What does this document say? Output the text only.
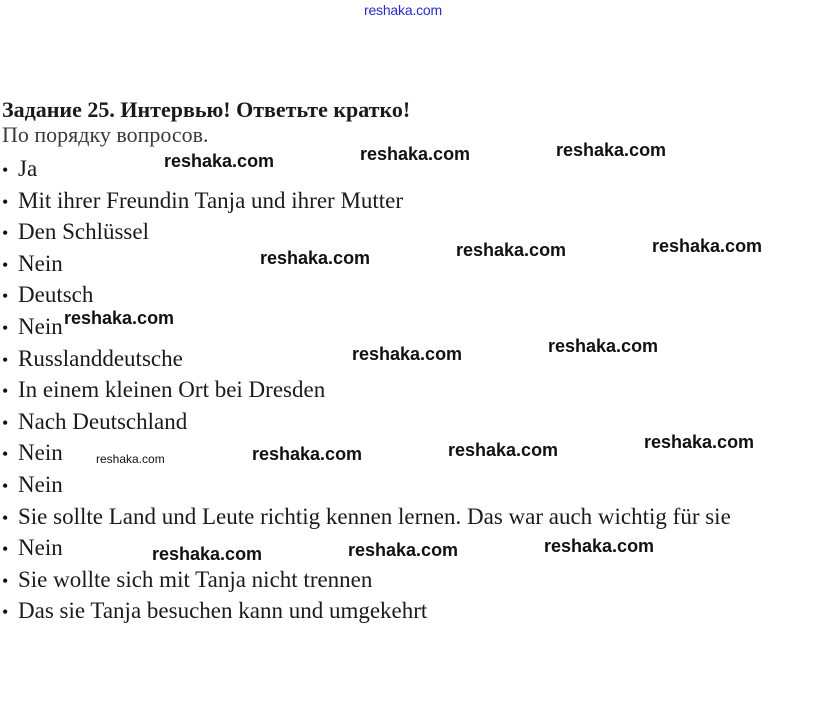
reshaka.com
Задание 25. Интервью! Ответьте кратко!

По порядку вопросов.

• Ja
• Mit ihrer Freundin Tanja und ihrer Mutter
• Den Schlüssel
• Nein
• Deutsch
• Nein
• Russlanddeutsche
• In einem kleinen Ort bei Dresden
• Nach Deutschland
• Nein
• Nein
• Sie sollte Land und Leute richtig kennen lernen. Das war auch wichtig für sie
• Nein
• Sie wollte sich mit Tanja nicht trennen
• Das sie Tanja besuchen kann und umgekehrt
reshaka.com	reshaka.com	reshaka.com
reshaka.com	reshaka.com	reshaka.com
reshaka.com
reshaka.com	reshaka.com
reshaka.com	reshaka.com	reshaka.com	reshaka.com
reshaka.com	reshaka.com	reshaka.com
